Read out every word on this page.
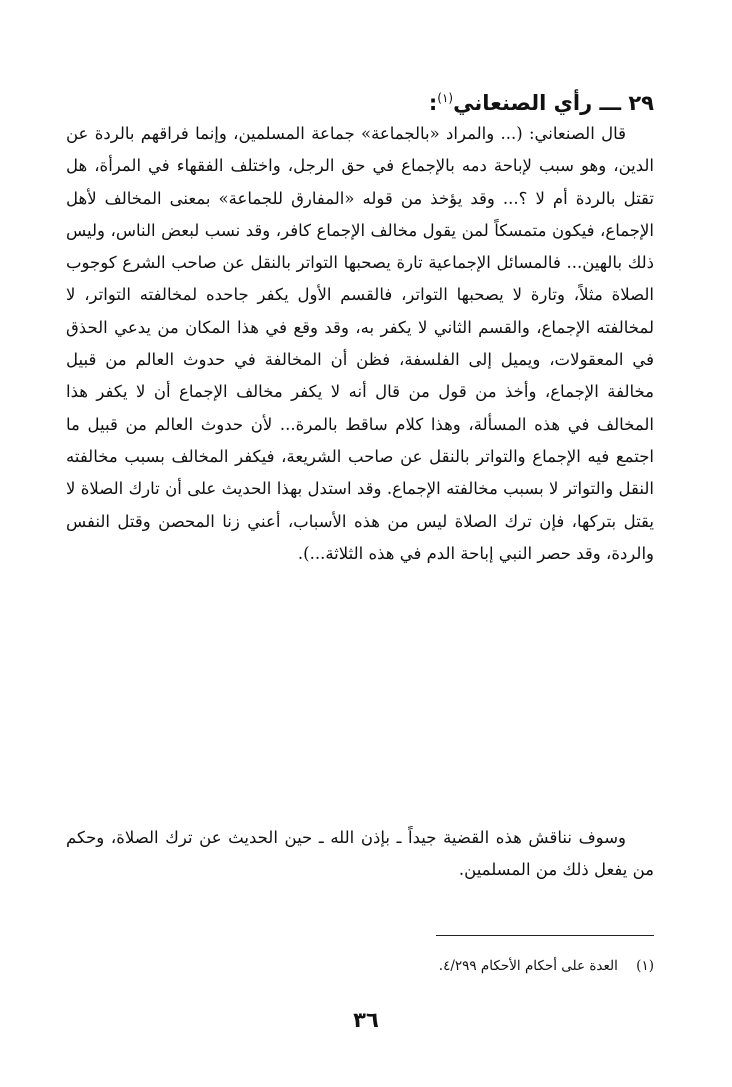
٢٩ ـــ رأي الصنعاني$^{(١)}$:

قال الصنعاني: (... والمراد «بالجماعة» جماعة المسلمين، وإنما فراقهم بالردة عن الدين، وهو سبب لإباحة دمه بالإجماع في حق الرجل، واختلف الفقهاء في المرأة، هل تقتل بالردة أم لا ؟... وقد يؤخذ من قوله «المفارق للجماعة» بمعنى المخالف لأهل الإجماع، فيكون متمسكاً لمن يقول مخالف الإجماع كافر، وقد نسب لبعض الناس، وليس ذلك بالهين... فالمسائل الإجماعية تارة يصحبها التواتر بالنقل عن صاحب الشرع كوجوب الصلاة مثلاً، وتارة لا يصحبها التواتر، فالقسم الأول يكفر جاحده لمخالفته التواتر، لا لمخالفته الإجماع، والقسم الثاني لا يكفر به، وقد وقع في هذا المكان من يدعي الحذق في المعقولات، ويميل إلى الفلسفة، فظن أن المخالفة في حدوث العالم من قبيل مخالفة الإجماع، وأخذ من قول من قال أنه لا يكفر مخالف الإجماع أن لا يكفر هذا المخالف في هذه المسألة، وهذا كلام ساقط بالمرة... لأن حدوث العالم من قبيل ما اجتمع فيه الإجماع والتواتر بالنقل عن صاحب الشريعة، فيكفر المخالف بسبب مخالفته النقل والتواتر لا بسبب مخالفته الإجماع. وقد استدل بهذا الحديث على أن تارك الصلاة لا يقتل بتركها، فإن ترك الصلاة ليس من هذه الأسباب، أعني زنا المحصن وقتل النفس والردة، وقد حصر النبي إباحة الدم في هذه الثلاثة...).

وسوف نناقش هذه القضية جيداً ـ بإذن الله ـ حين الحديث عن ترك الصلاة، وحكم من يفعل ذلك من المسلمين.

(١) العدة على أحكام الأحكام ٤/٢٩٩.
٣٦
